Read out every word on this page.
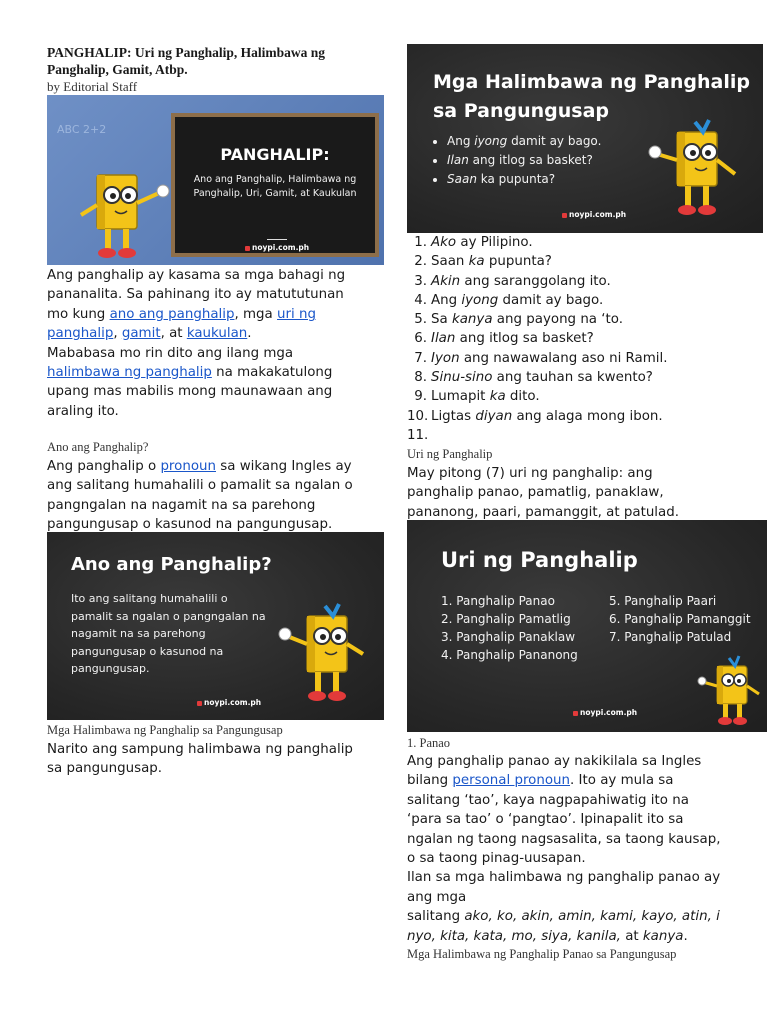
PANGHALIP: Uri ng Panghalip, Halimbawa ng Panghalip, Gamit, Atbp.
by Editorial Staff
ABC 2+2
PANGHALIP:
Ano ang Panghalip, Halimbawa ng Panghalip, Uri, Gamit, at Kaukulan
noypi.com.ph
Ang panghalip ay kasama sa mga bahagi ng pananalita. Sa pahinang ito ay matututunan mo kung ano ang panghalip, mga uri ng panghalip, gamit, at kaukulan.
Mababasa mo rin dito ang ilang mga halimbawa ng panghalip na makakatulong upang mas mabilis mong maunawaan ang araling ito.
Ano ang Panghalip?
Ang panghalip o pronoun sa wikang Ingles ay ang salitang humahalili o pamalit sa ngalan o pangngalan na nagamit na sa parehong pangungusap o kasunod na pangungusap.
Ano ang Panghalip?
Ito ang salitang humahalili o pamalit sa ngalan o pangngalan na nagamit na sa parehong pangungusap o kasunod na pangungusap.
noypi.com.ph
Mga Halimbawa ng Panghalip sa Pangungusap
Narito ang sampung halimbawa ng panghalip sa pangungusap.
Mga Halimbawa ng Panghalip sa Pangungusap
• Ang iyong damit ay bago.
• Ilan ang itlog sa basket?
• Saan ka pupunta?
noypi.com.ph
1. Ako ay Pilipino.
2. Saan ka pupunta?
3. Akin ang saranggolang ito.
4. Ang iyong damit ay bago.
5. Sa kanya ang payong na ‘to.
6. Ilan ang itlog sa basket?
7. Iyon ang nawawalang aso ni Ramil.
8. Sinu-sino ang tauhan sa kwento?
9. Lumapit ka dito.
10. Ligtas diyan ang alaga mong ibon.
11.
Uri ng Panghalip
May pitong (7) uri ng panghalip: ang panghalip panao, pamatlig, panaklaw, pananong, paari, pamanggit, at patulad.
Uri ng Panghalip
1. Panghalip Panao
2. Panghalip Pamatlig
3. Panghalip Panaklaw
4. Panghalip Pananong
5. Panghalip Paari
6. Panghalip Pamanggit
7. Panghalip Patulad
noypi.com.ph
1. Panao
Ang panghalip panao ay nakikilala sa Ingles bilang personal pronoun. Ito ay mula sa salitang ‘tao’, kaya nagpapahiwatig ito na ‘para sa tao’ o ‘pangtao’. Ipinapalit ito sa ngalan ng taong nagsasalita, sa taong kausap, o sa taong pinag-uusapan.
Ilan sa mga halimbawa ng panghalip panao ay ang mga
salitang ako, ko, akin, amin, kami, kayo, atin, i nyo, kita, kata, mo, siya, kanila, at kanya.
Mga Halimbawa ng Panghalip Panao sa Pangungusap
